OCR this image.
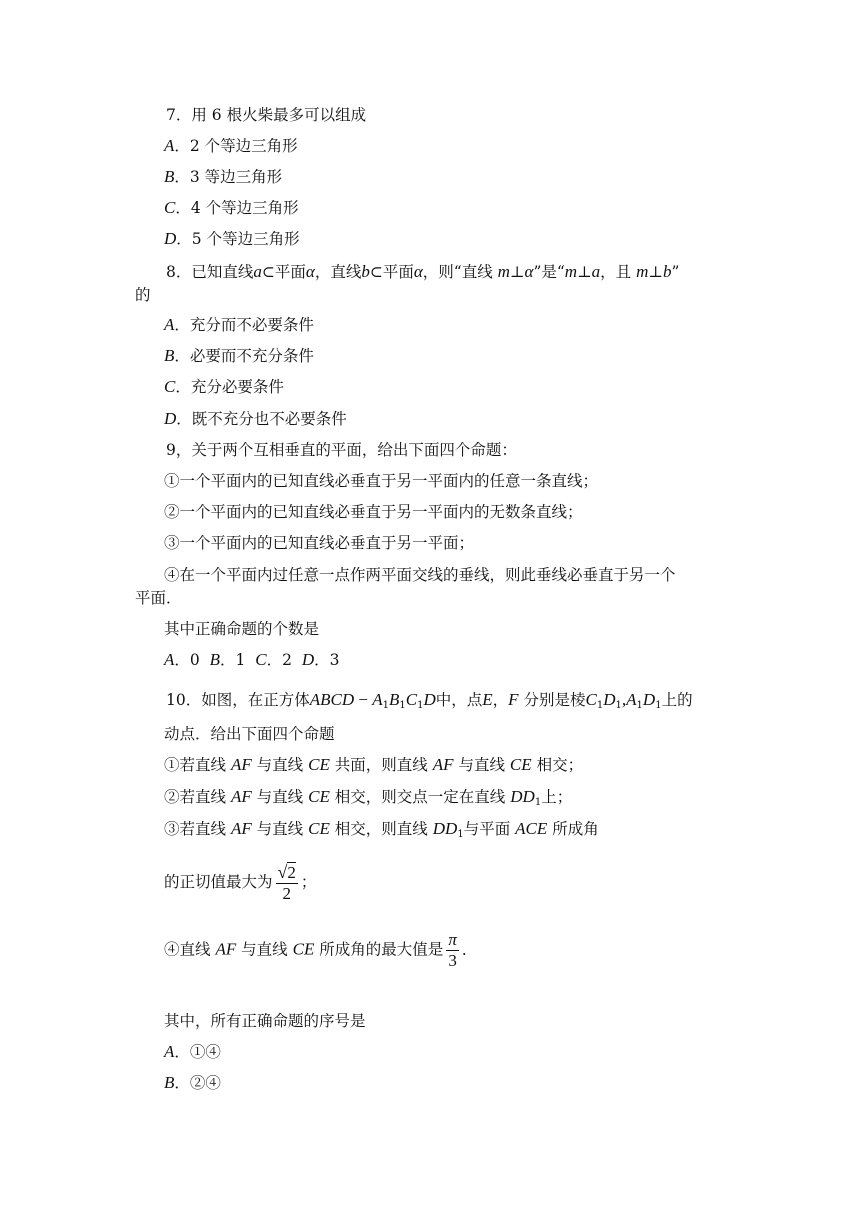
7．用 6 根火柴最多可以组成
A．2 个等边三角形
B．3 等边三角形
C．4 个等边三角形
D．5 个等边三角形
8．已知直线a⊂平面α，直线b⊂平面α，则“直线 m⊥α”是“m⊥a，且 m⊥b”
的
A．充分而不必要条件
B．必要而不充分条件
C．充分必要条件
D．既不充分也不必要条件
9，关于两个互相垂直的平面，给出下面四个命题：
①一个平面内的已知直线必垂直于另一平面内的任意一条直线；
②一个平面内的已知直线必垂直于另一平面内的无数条直线；
③一个平面内的已知直线必垂直于另一平面；
④在一个平面内过任意一点作两平面交线的垂线，则此垂线必垂直于另一个
平面．
其中正确命题的个数是
A．0 B．1 C．2 D．3
10．如图，在正方体ABCD − $A_1B_1C_1D$中，点E，F 分别是棱$C_1D_1,A_1D_1$上的
动点．给出下面四个命题
①若直线 AF 与直线 CE 共面，则直线 AF 与直线 CE 相交；
②若直线 AF 与直线 CE 相交，则交点一定在直线 $DD_1$上；
③若直线 AF 与直线 CE 相交，则直线 $DD_1$与平面 ACE 所成角
的正切值最大为 $\frac{√2}{2}$ ；
④直线 AF 与直线 CE 所成角的最大值是 $\frac{\pi}{3}$ ．
其中，所有正确命题的序号是
A．①④
B．②④
